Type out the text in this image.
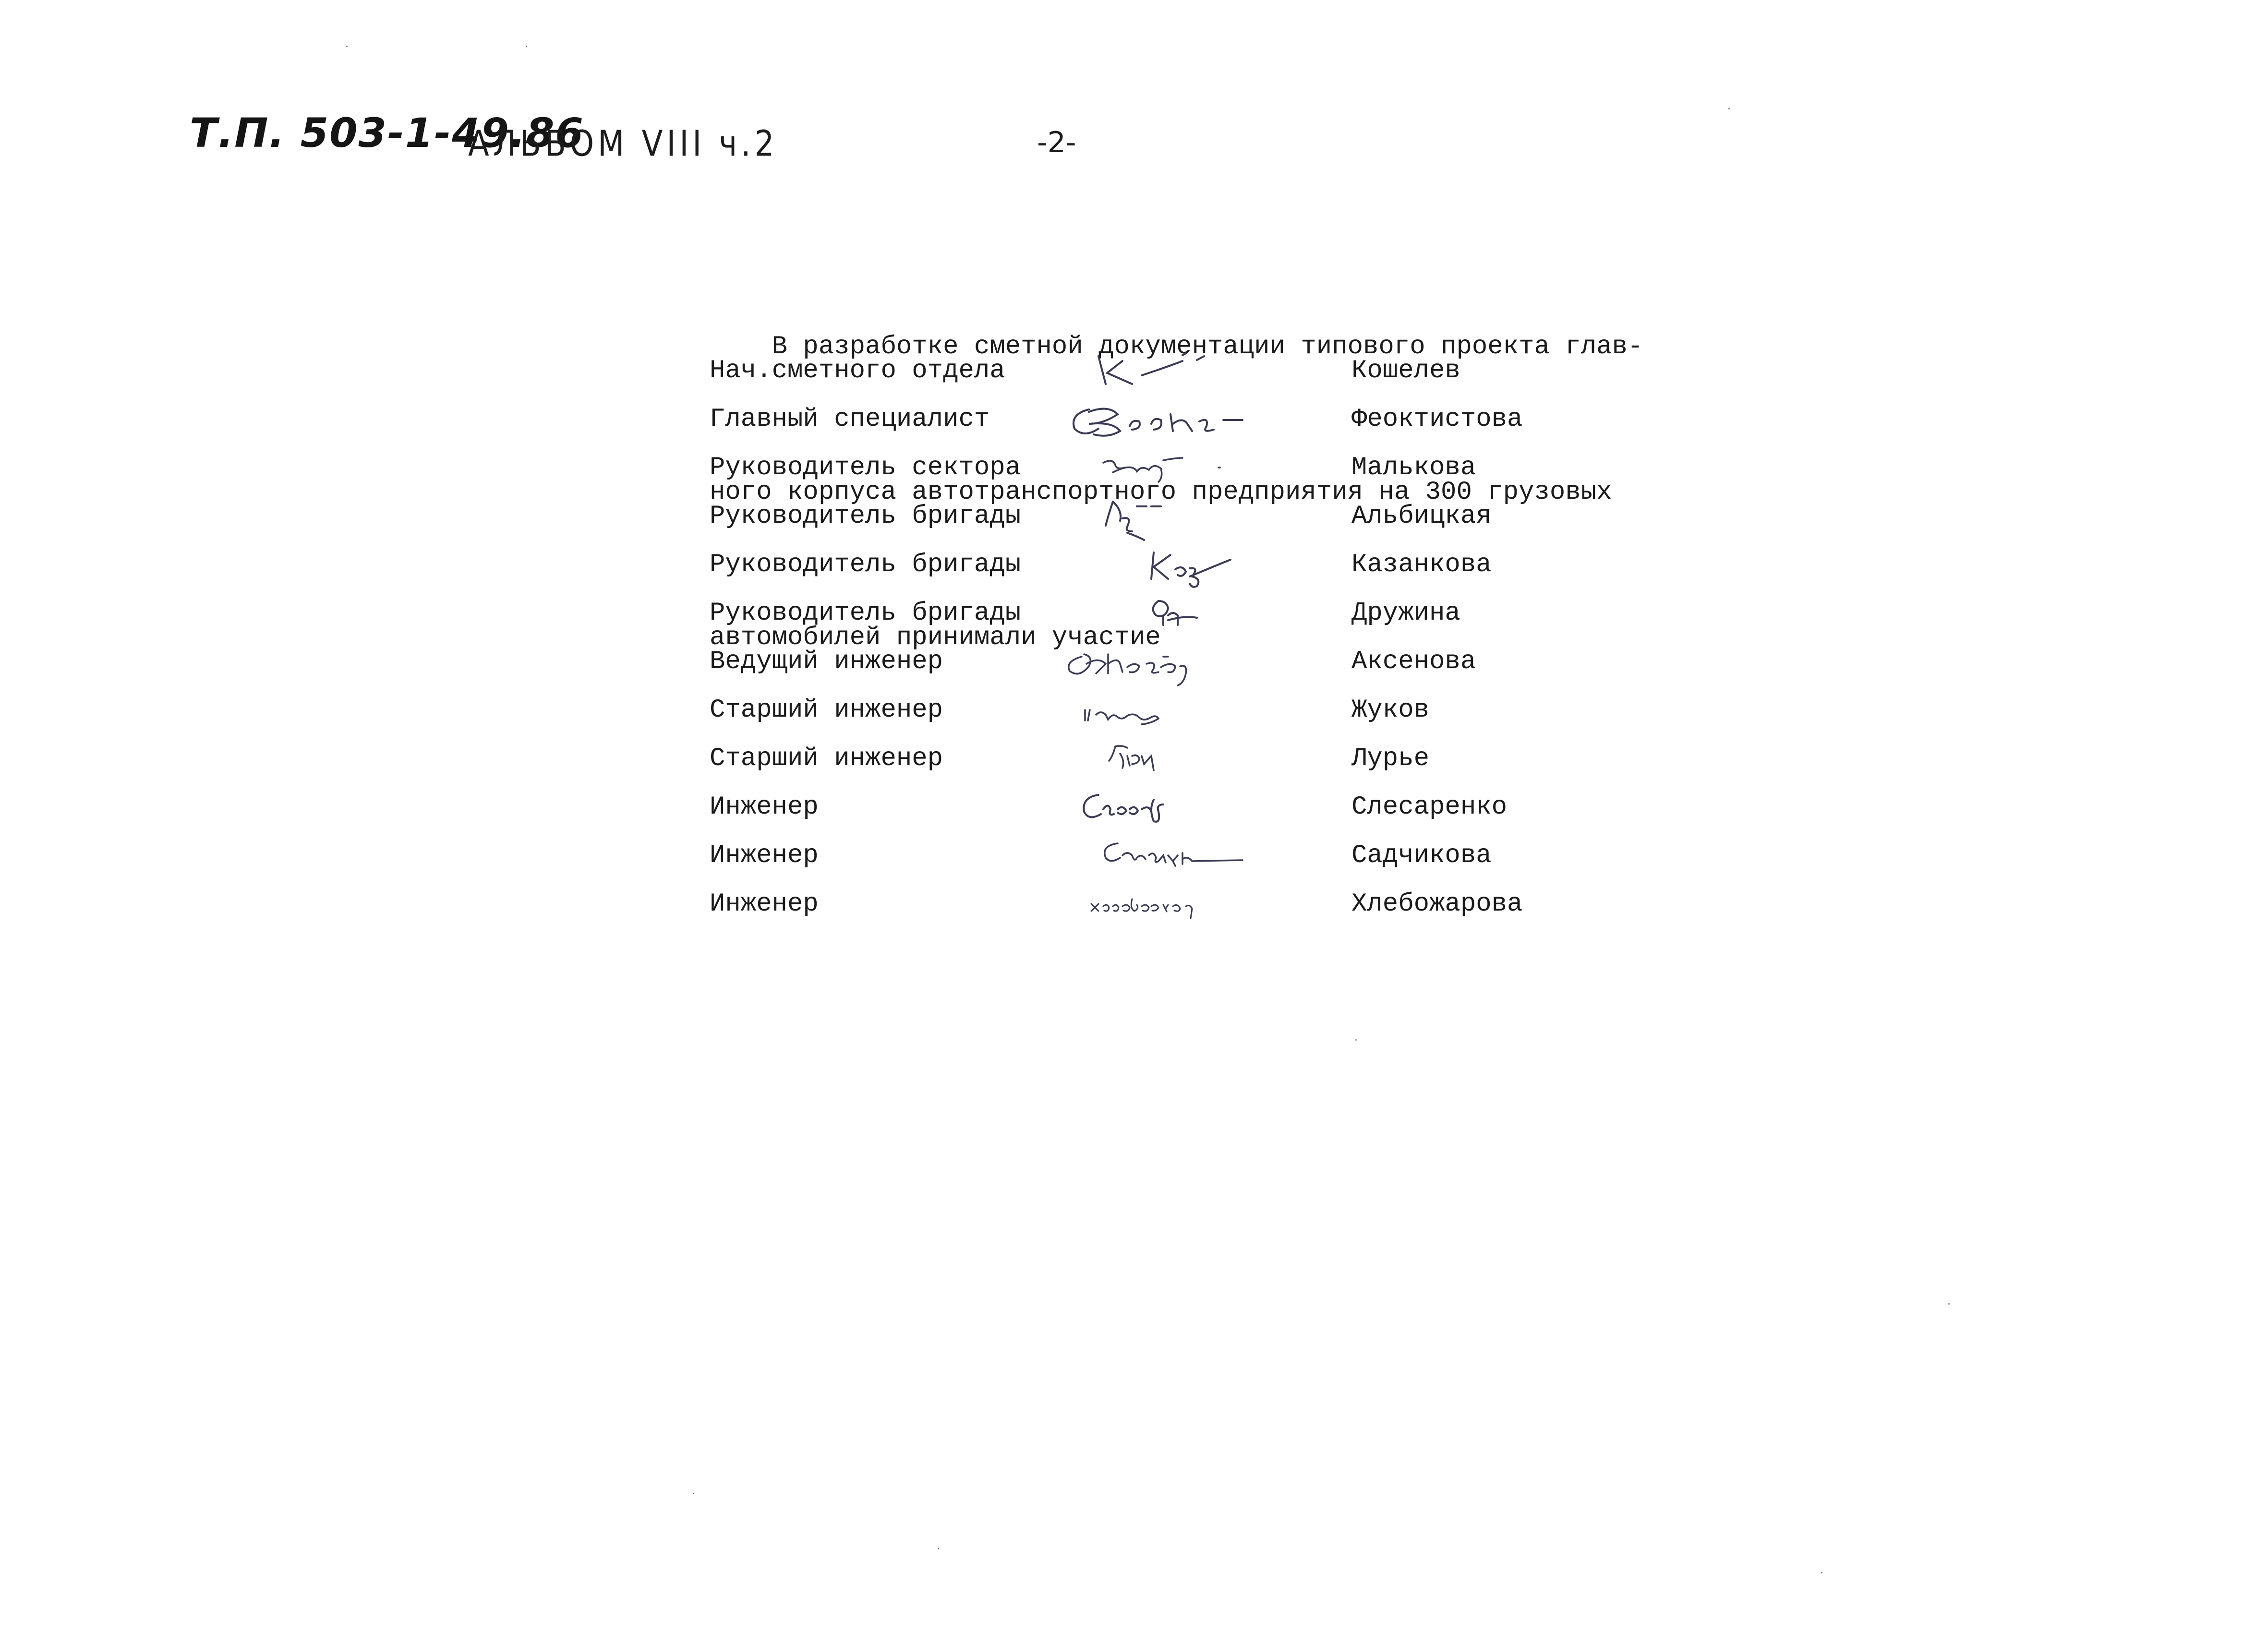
Т.П. 503-1-49.86
АЛЬБОМ VIII ч.2	-2-

В разработке сметной документации типового проекта глав-

ного корпуса автотранспортного предприятия на 300 грузовых

автомобилей принимали участие

Нач.сметного отдела	Кошелев
Главный специалист	Феоктистова
Руководитель сектора	Малькова
Руководитель бригады	Альбицкая
Руководитель бригады	Казанкова
Руководитель бригады	Дружина
Ведущий инженер	Аксенова
Старший инженер	Жуков
Старший инженер	Лурье
Инженер	Слесаренко
Инженер	Садчикова
Инженер	Хлебожарова
